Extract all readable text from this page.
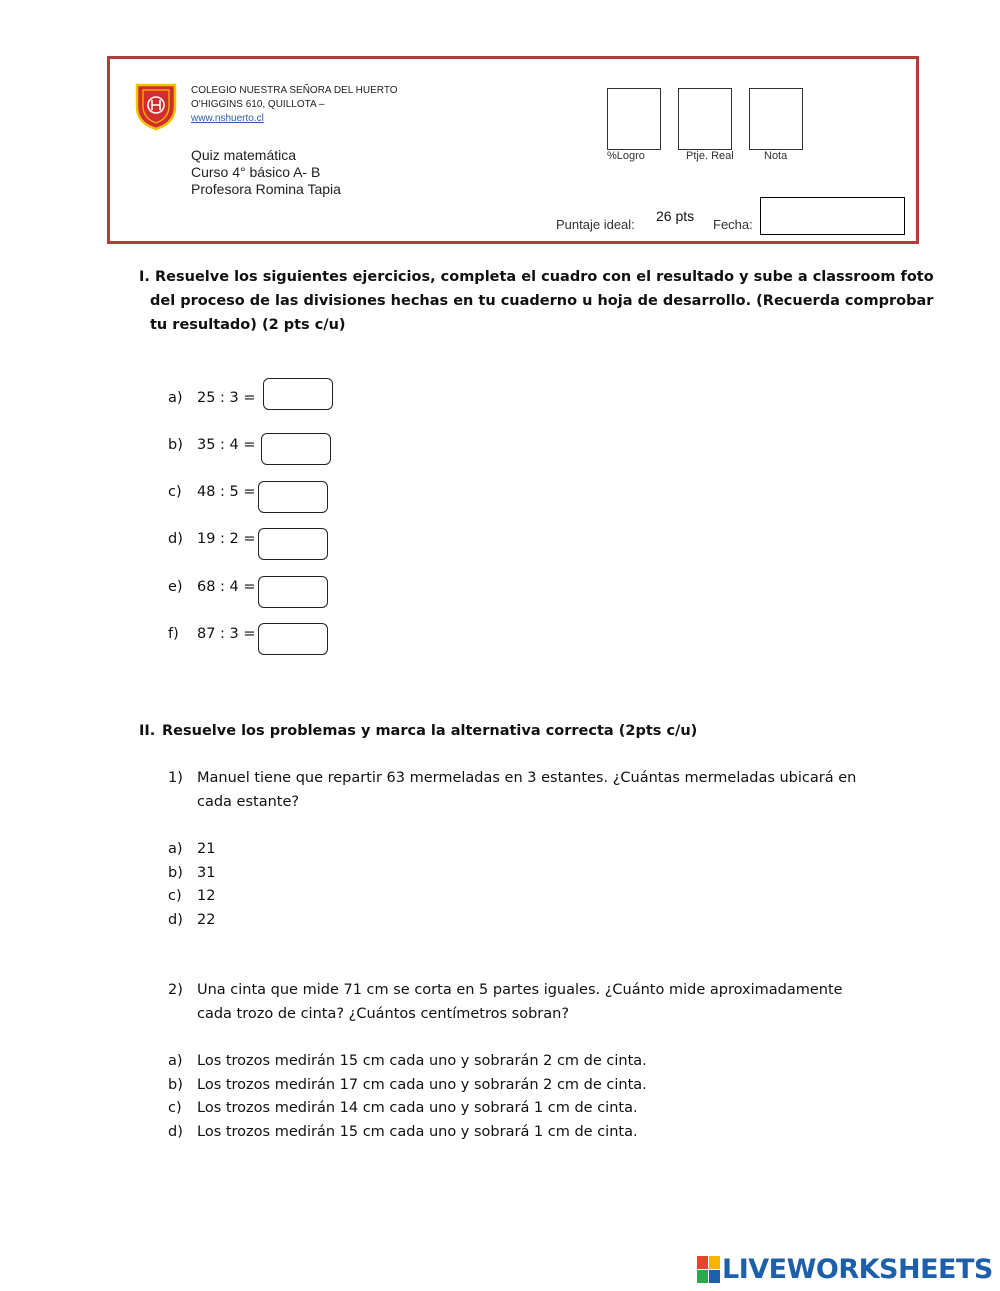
COLEGIO NUESTRA SEÑORA DEL HUERTO
O'HIGGINS 610, QUILLOTA –
www.nshuerto.cl
Quiz matemática
Curso 4° básico A- B
Profesora Romina Tapia
%Logro	Ptje. Real	Nota
Puntaje ideal:
26 pts
Fecha:
I. Resuelve los siguientes ejercicios, completa el cuadro con el resultado y sube a classroom foto
del proceso de las divisiones hechas en tu cuaderno u hoja de desarrollo. (Recuerda comprobar
tu resultado) (2 pts c/u)
a) 25 : 3 =
b) 35 : 4 =
c) 48 : 5 =
d) 19 : 2 =
e) 68 : 4 =
f) 87 : 3 =
II. Resuelve los problemas y marca la alternativa correcta (2pts c/u)
1) Manuel tiene que repartir 63 mermeladas en 3 estantes. ¿Cuántas mermeladas ubicará en
cada estante?
a) 21
b) 31
c) 12
d) 22
2) Una cinta que mide 71 cm se corta en 5 partes iguales. ¿Cuánto mide aproximadamente
cada trozo de cinta? ¿Cuántos centímetros sobran?
a) Los trozos medirán 15 cm cada uno y sobrarán 2 cm de cinta.
b) Los trozos medirán 17 cm cada uno y sobrarán 2 cm de cinta.
c) Los trozos medirán 14 cm cada uno y sobrará 1 cm de cinta.
d) Los trozos medirán 15 cm cada uno y sobrará 1 cm de cinta.
LIVEWORKSHEETS
